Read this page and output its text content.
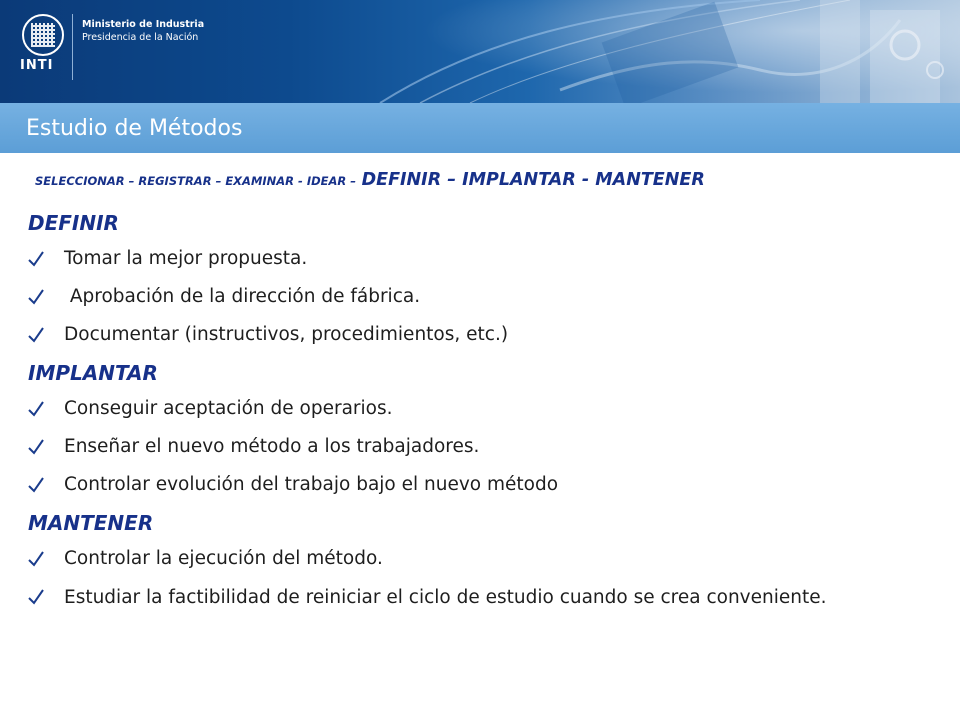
INTI
Ministerio de Industria
Presidencia de la Nación
Estudio de Métodos
SELECCIONAR – REGISTRAR – EXAMINAR - IDEAR – DEFINIR – IMPLANTAR - MANTENER
DEFINIR
Tomar la mejor propuesta.
Aprobación de la dirección de fábrica.
Documentar (instructivos, procedimientos, etc.)
IMPLANTAR
Conseguir aceptación de operarios.
Enseñar el nuevo método a los trabajadores.
Controlar evolución del trabajo bajo el nuevo método
MANTENER
Controlar la ejecución del método.
Estudiar la factibilidad de reiniciar el ciclo de estudio cuando se crea conveniente.
